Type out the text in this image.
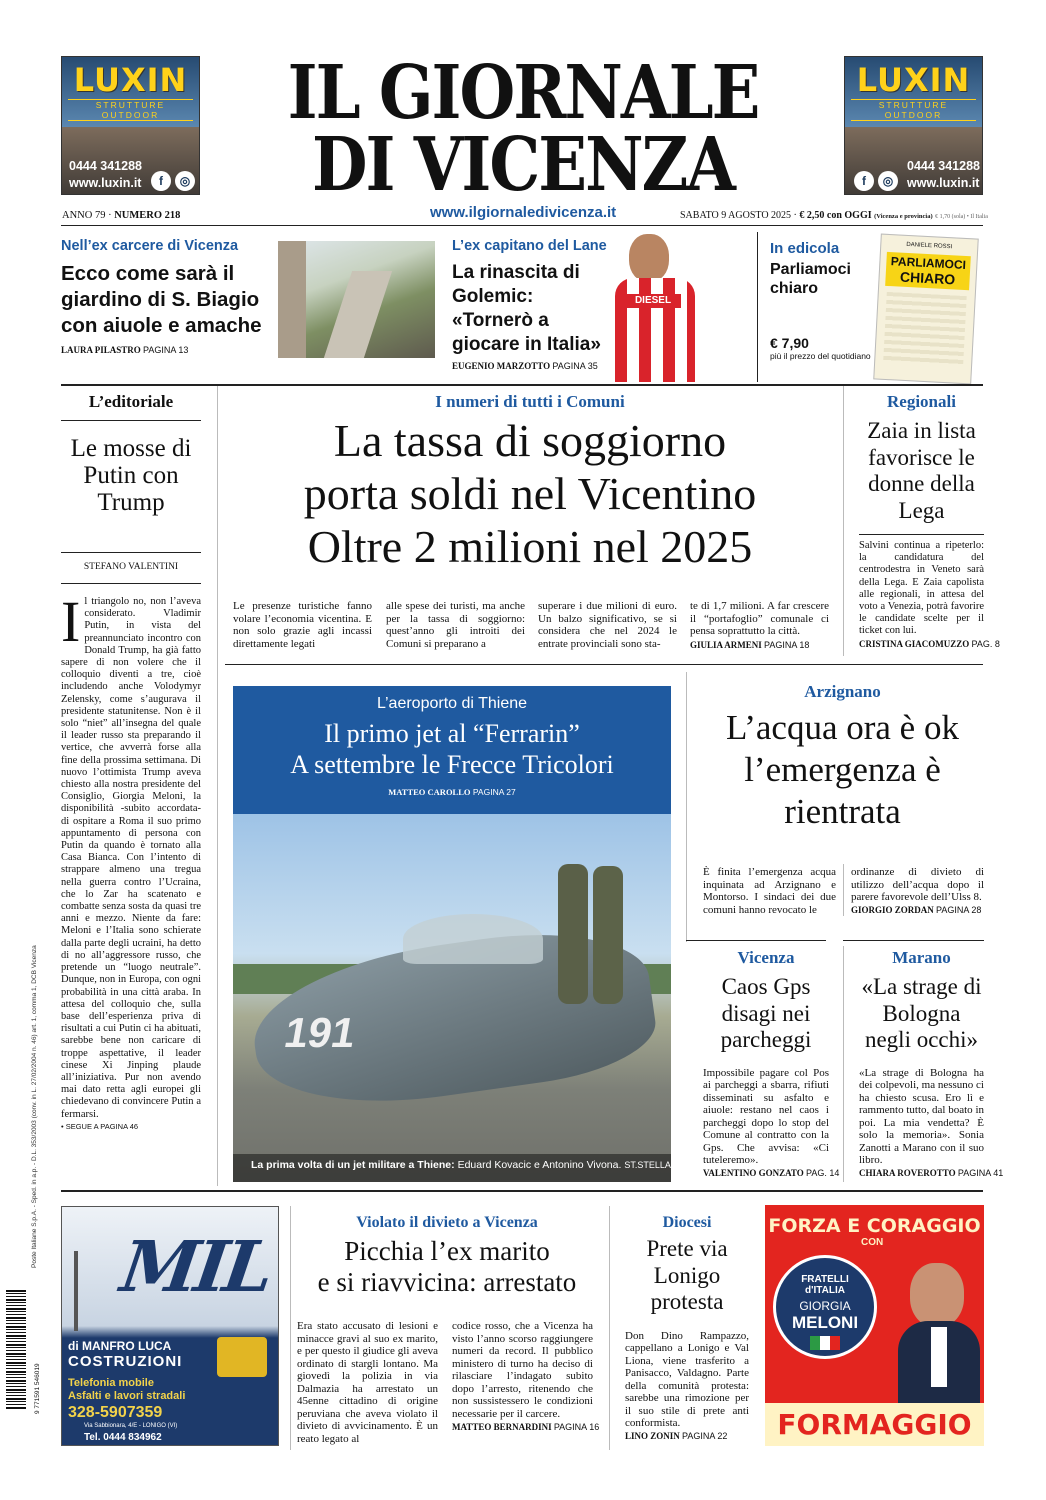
LUXIN
STRUTTURE OUTDOOR
0444 341288
www.luxin.it	f	◎
LUXIN
STRUTTURE OUTDOOR
0444 341288
www.luxin.it
f	◎
IL GIORNALE
DI VICENZA
ANNO 79 · NUMERO 218	www.ilgiornaledivicenza.it	SABATO 9 AGOSTO 2025 · € 2,50 con OGGI (Vicenza e provincia) € 1,70 (sola) • Il Italia
Nell’ex carcere di Vicenza
Ecco come sarà il giardino di S. Biagio con aiuole e amache
LAURA PILASTRO PAGINA 13
L’ex capitano del Lane
La rinascita di Golemic: «Tornerò a giocare in Italia»
EUGENIO MARZOTTO PAGINA 35
DIESEL
In edicola
Parliamoci chiaro
€ 7,90
più il prezzo del quotidiano
DANIELE ROSSI
PARLIAMOCI
CHIARO
L’editoriale
Le mosse di Putin con Trump
STEFANO VALENTINI
I l triangolo no, non l’aveva considerato. Vladimir Putin, in vista del preannunciato incontro con Donald Trump, ha già fatto sapere di non volere che il colloquio diventi a tre, cioè includendo anche Volodymyr Zelensky, come s’augurava il presidente statunitense. Non è il solo “niet” all’insegna del quale il leader russo sta preparando il vertice, che avverrà forse alla fine della prossima settimana. Di nuovo l’ottimista Trump aveva chiesto alla nostra presidente del Consiglio, Giorgia Meloni, la disponibilità -subito accordata- di ospitare a Roma il suo primo appuntamento di persona con Putin da quando è tornato alla Casa Bianca. Con l’intento di strappare almeno una tregua nella guerra contro l’Ucraina, che lo Zar ha scatenato e combatte senza sosta da quasi tre anni e mezzo. Niente da fare: Meloni e l’Italia sono schierate dalla parte degli ucraini, ha detto di no all’aggressore russo, che pretende un “luogo neutrale”. Dunque, non in Europa, con ogni probabilità in una città araba. In attesa del colloquio che, sulla base dell’esperienza priva di risultati a cui Putin ci ha abituati, sarebbe bene non caricare di troppe aspettative, il leader cinese Xi Jinping plaude all’iniziativa. Pur non avendo mai dato retta agli europei gli chiedevano di convincere Putin a fermarsi.
• SEGUE A PAGINA 46
I numeri di tutti i Comuni
La tassa di soggiorno
porta soldi nel Vicentino
Oltre 2 milioni nel 2025
Le presenze turistiche fanno volare l’economia vicentina. E non solo grazie agli incassi direttamente legati
alle spese dei turisti, ma anche per la tassa di soggiorno: quest’anno gli introiti dei Comuni si preparano a
superare i due milioni di euro. Un balzo significativo, se si considera che nel 2024 le entrate provinciali sono sta-
te di 1,7 milioni. A far crescere il “portafoglio” comunale ci pensa soprattutto la città.
GIULIA ARMENI PAGINA 18
Regionali
Zaia in lista favorisce le donne della Lega
Salvini continua a ripeterlo: la candidatura del centrodestra in Veneto sarà della Lega. E Zaia capolista alle regionali, in attesa del voto a Venezia, potrà favorire le candidate scelte per il ticket con lui.
CRISTINA GIACOMUZZO PAG. 8
L’aeroporto di Thiene
Il primo jet al “Ferrarin”
A settembre le Frecce Tricolori
MATTEO CAROLLO PAGINA 27
191
La prima volta di un jet militare a Thiene: Eduard Kovacic e Antonino Vivona. ST.STELLA
Arzignano
L’acqua ora è ok l’emergenza è rientrata
È finita l’emergenza acqua inquinata ad Arzignano e Montorso. I sindaci dei due comuni hanno revocato le
ordinanze di divieto di utilizzo dell’acqua dopo il parere favorevole dell’Ulss 8.
GIORGIO ZORDAN PAGINA 28
Vicenza
Caos Gps disagi nei parcheggi
Impossibile pagare col Pos ai parcheggi a sbarra, rifiuti disseminati su asfalto e aiuole: restano nel caos i parcheggi dopo lo stop del Comune al contratto con la Gps. Che avvisa: «Ci tuteleremo».
VALENTINO GONZATO PAG. 14
Marano
«La strage di Bologna negli occhi»
«La strage di Bologna ha dei colpevoli, ma nessuno ci ha chiesto scusa. Ero lì e rammento tutto, dal boato in poi. La mia vendetta? È solo la memoria». Sonia Zanotti a Marano con il suo libro.
CHIARA ROVEROTTO PAGINA 41
MIL
di MANFRO LUCA
COSTRUZIONI
Telefonia mobile
Asfalti e lavori stradali
328-5907359
Via Sabbionara, 4/E - LONIGO (VI)
Tel. 0444 834962
Violato il divieto a Vicenza
Picchia l’ex marito
e si riavvicina: arrestato
Era stato accusato di lesioni e minacce gravi al suo ex marito, e per questo il giudice gli aveva ordinato di stargli lontano. Ma giovedì la polizia in via Dalmazia ha arrestato un 45enne cittadino di origine peruviana che aveva violato il divieto di avvicinamento. È un reato legato al
codice rosso, che a Vicenza ha visto l’anno scorso raggiungere numeri da record. Il pubblico ministero di turno ha deciso di rilasciare l’indagato subito dopo l’arresto, ritenendo che non sussistessero le condizioni necessarie per il carcere.
MATTEO BERNARDINI PAGINA 16
Diocesi
Prete via Lonigo protesta
Don Dino Rampazzo, cappellano a Lonigo e Val Liona, viene trasferito a Panisacco, Valdagno. Parte della comunità protesta: sarebbe una rimozione per il suo stile di prete anti conformista.
LINO ZONIN PAGINA 22
FORZA E CORAGGIO
CON
FRATELLI
d'ITALIA
GIORGIA
MELONI
FORMAGGIO
Poste Italiane S.p.A. - Sped. in a.p. - D.L. 353/2003 (conv. in L. 27/02/2004 n. 46) art. 1, comma 1, DCB Vicenza
9 771591 546019
